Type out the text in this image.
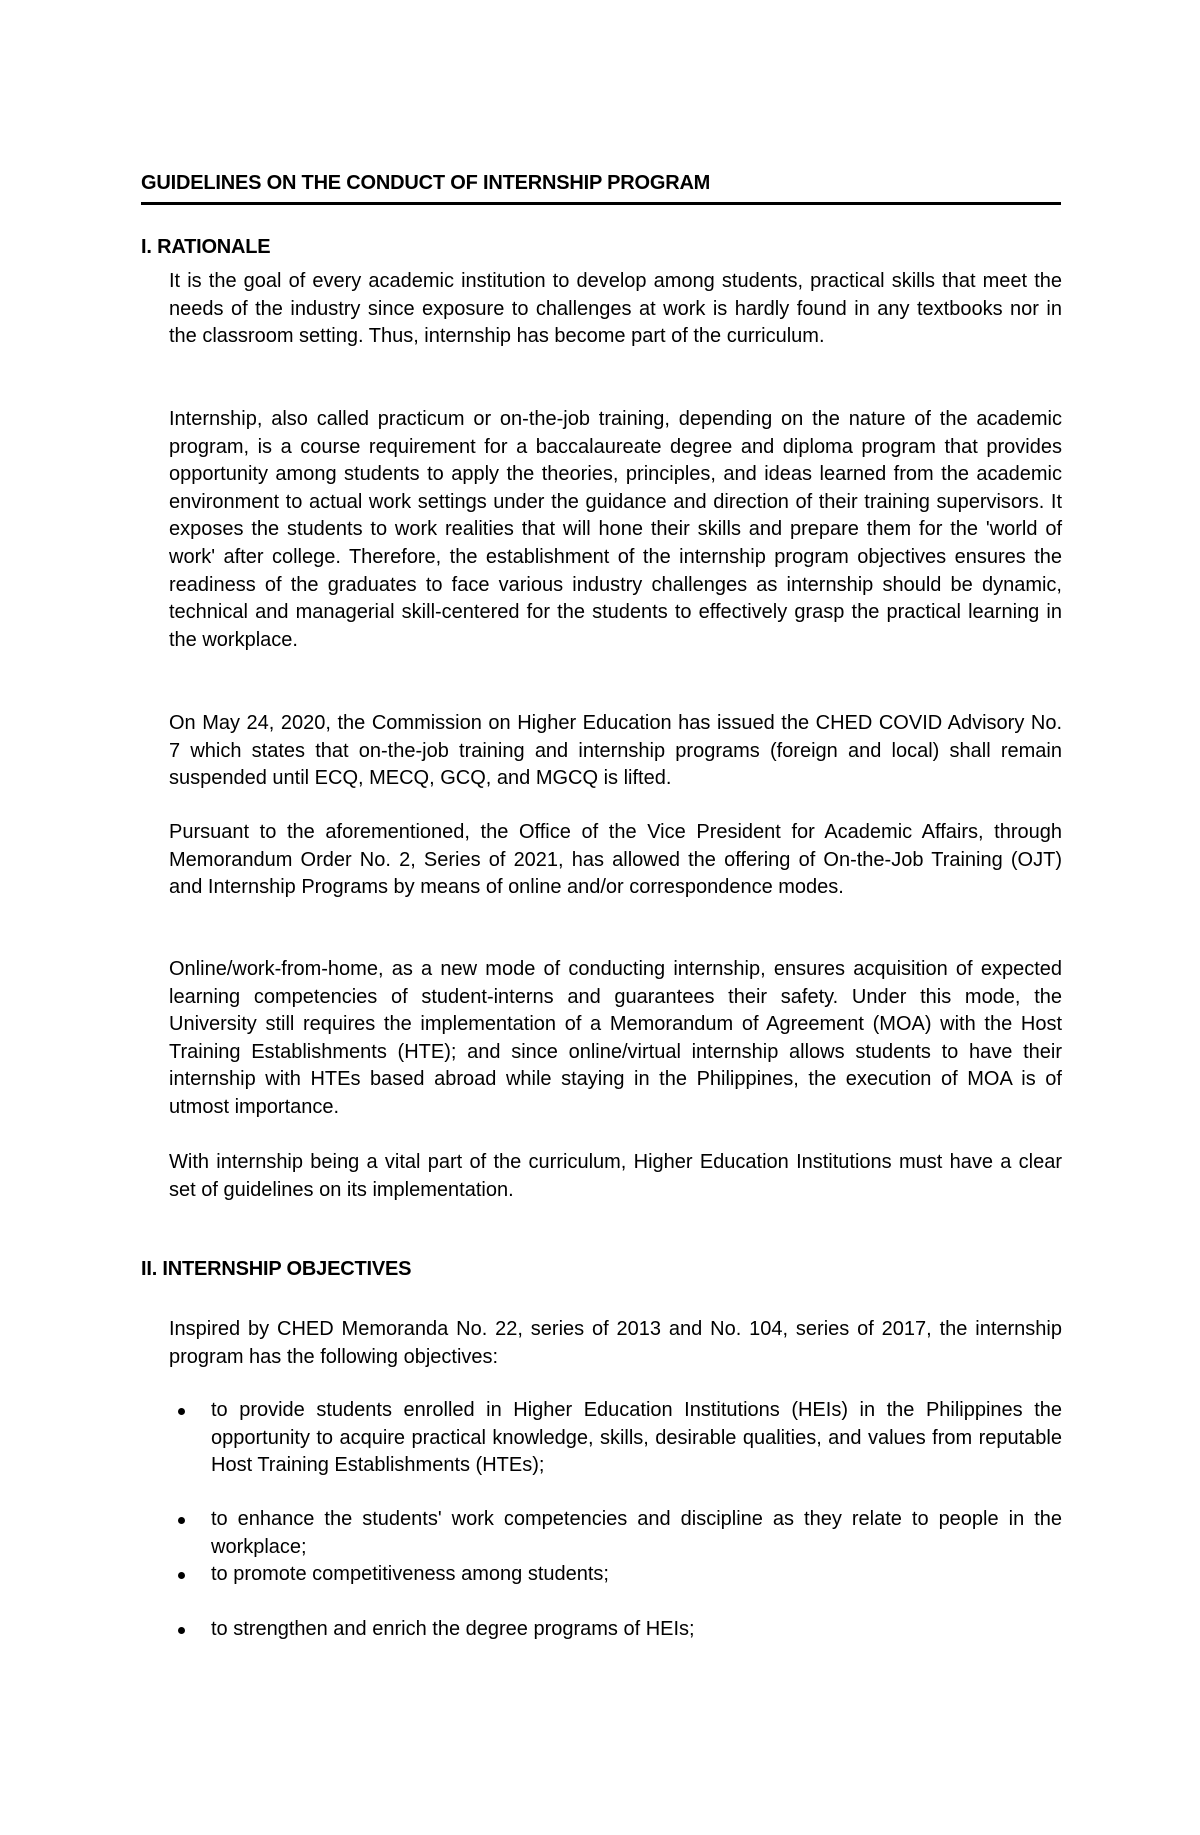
GUIDELINES ON THE CONDUCT OF INTERNSHIP PROGRAM
I. RATIONALE

It is the goal of every academic institution to develop among students, practical skills that meet the needs of the industry since exposure to challenges at work is hardly found in any textbooks nor in the classroom setting. Thus, internship has become part of the curriculum.

Internship, also called practicum or on-the-job training, depending on the nature of the academic program, is a course requirement for a baccalaureate degree and diploma program that provides opportunity among students to apply the theories, principles, and ideas learned from the academic environment to actual work settings under the guidance and direction of their training supervisors. It exposes the students to work realities that will hone their skills and prepare them for the 'world of work' after college. Therefore, the establishment of the internship program objectives ensures the readiness of the graduates to face various industry challenges as internship should be dynamic, technical and managerial skill-centered for the students to effectively grasp the practical learning in the workplace.

On May 24, 2020, the Commission on Higher Education has issued the CHED COVID Advisory No. 7 which states that on-the-job training and internship programs (foreign and local) shall remain suspended until ECQ, MECQ, GCQ, and MGCQ is lifted.

Pursuant to the aforementioned, the Office of the Vice President for Academic Affairs, through Memorandum Order No. 2, Series of 2021, has allowed the offering of On-the-Job Training (OJT) and Internship Programs by means of online and/or correspondence modes.

Online/work-from-home, as a new mode of conducting internship, ensures acquisition of expected learning competencies of student-interns and guarantees their safety. Under this mode, the University still requires the implementation of a Memorandum of Agreement (MOA) with the Host Training Establishments (HTE); and since online/virtual internship allows students to have their internship with HTEs based abroad while staying in the Philippines, the execution of MOA is of utmost importance.

With internship being a vital part of the curriculum, Higher Education Institutions must have a clear set of guidelines on its implementation.

II. INTERNSHIP OBJECTIVES

Inspired by CHED Memoranda No. 22, series of 2013 and No. 104, series of 2017, the internship program has the following objectives:

to provide students enrolled in Higher Education Institutions (HEIs) in the Philippines the opportunity to acquire practical knowledge, skills, desirable qualities, and values from reputable Host Training Establishments (HTEs);
to enhance the students' work competencies and discipline as they relate to people in the workplace;
to promote competitiveness among students;
to strengthen and enrich the degree programs of HEIs;
